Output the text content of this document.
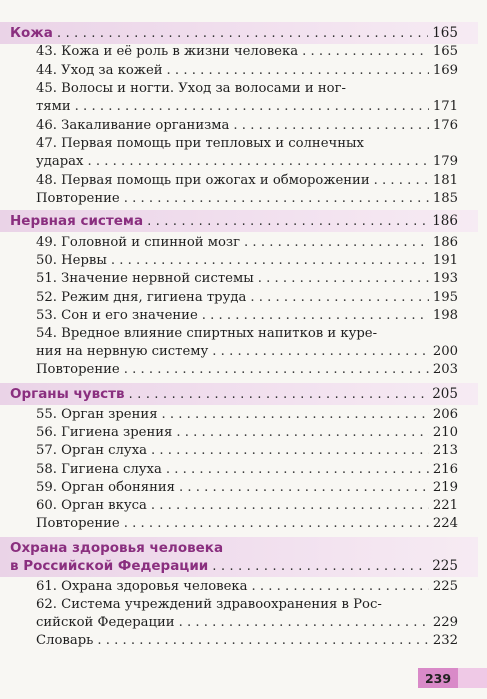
Кожа . . .	165
43. Кожа и её роль в жизни человека . . .	165
44. Уход за кожей . . .	169
45. Волосы и ногти. Уход за волосами и ног-
тями . . .	171
46. Закаливание организма . . .	176
47. Первая помощь при тепловых и солнечных
ударах . . .	179
48. Первая помощь при ожогах и обморожении . . .	181
Повторение . . .	185
Нервная система . . .	186
49. Головной и спинной мозг . . .	186
50. Нервы . . .	191
51. Значение нервной системы . . .	193
52. Режим дня, гигиена труда . . .	195
53. Сон и его значение . . .	198
54. Вредное влияние спиртных напитков и куре-
ния на нервную систему . . .	200
Повторение . . .	203
Органы чувств . . .	205
55. Орган зрения . . .	206
56. Гигиена зрения . . .	210
57. Орган слуха . . .	213
58. Гигиена слуха . . .	216
59. Орган обоняния . . .	219
60. Орган вкуса . . .	221
Повторение . . .	224
Охрана здоровья человека
в Российской Федерации . . .	225
61. Охрана здоровья человека . . .	225
62. Система учреждений здравоохранения в Рос-
сийской Федерации . . .	229
Словарь . . .	232
239
